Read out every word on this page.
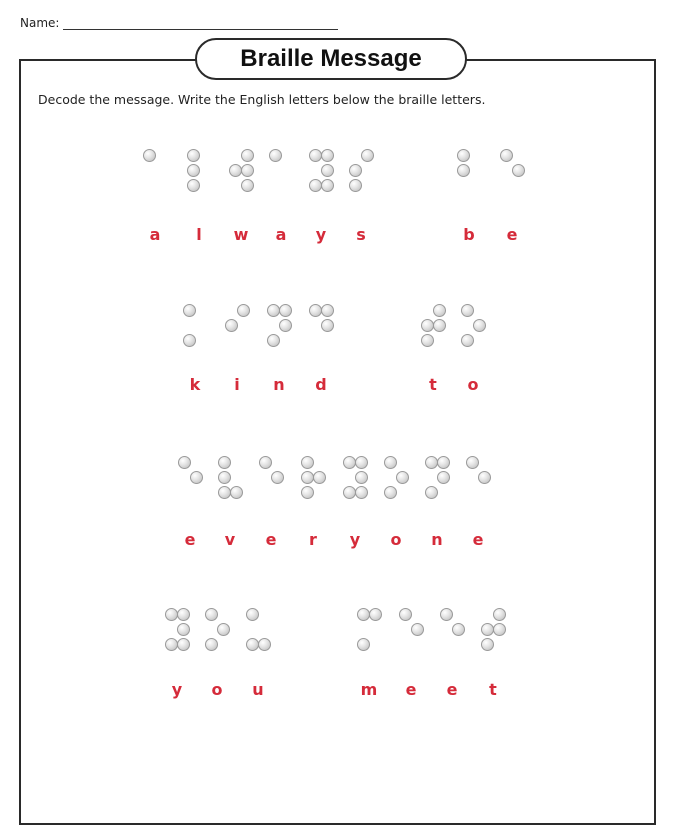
Name:
Braille Message
Decode the message. Write the English letters below the braille letters.
a	l	w	a	y	s	b	e
k	i	n	d	t	o
e	v	e	r	y	o	n	e
y	o	u	m	e	e	t
